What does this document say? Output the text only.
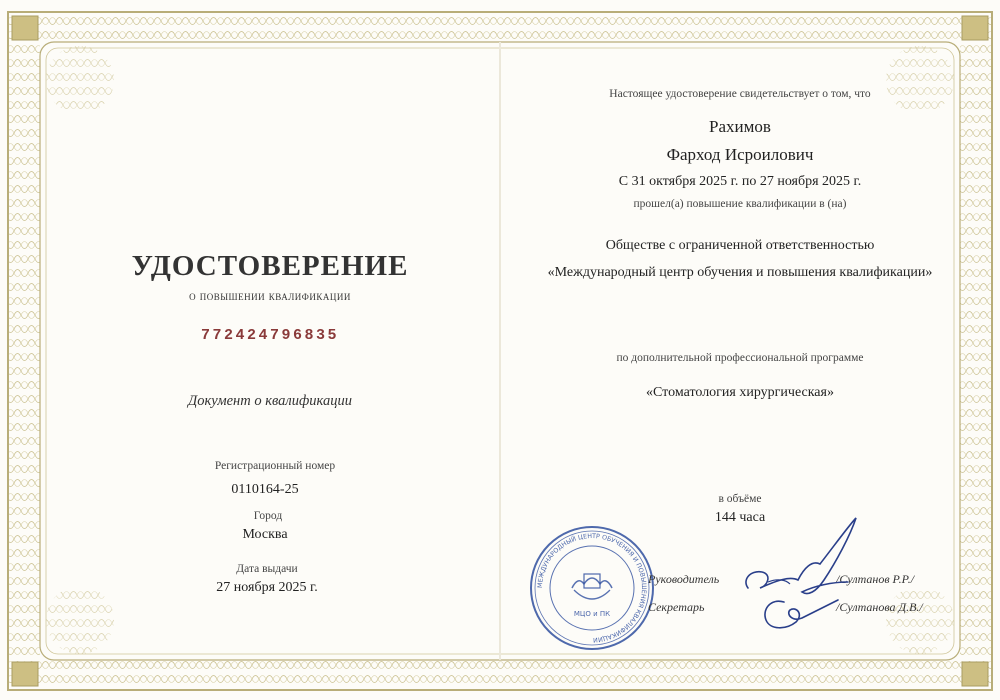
УДОСТОВЕРЕНИЕ
о повышении квалификации
772424796835
Документ о квалификации
Регистрационный номер
0110164-25
Город
Москва
Дата выдачи
27 ноября 2025 г.
Настоящее удостоверение свидетельствует о том, что
Рахимов
Фарход Исроилович
С 31 октября 2025 г. по 27 ноября 2025 г.
прошел(а) повышение квалификации в (на)
Обществе с ограниченной ответственностью
«Международный центр обучения и повышения квалификации»
по дополнительной профессиональной программе
«Стоматология хирургическая»
в объёме
144 часа
МЕЖДУНАРОДНЫЙ ЦЕНТР ОБУЧЕНИЯ И ПОВЫШЕНИЯ КВАЛИФИКАЦИИ
МЦО и ПК
Руководитель
Секретарь
/Султанов Р.Р./
/Султанова Д.В./
